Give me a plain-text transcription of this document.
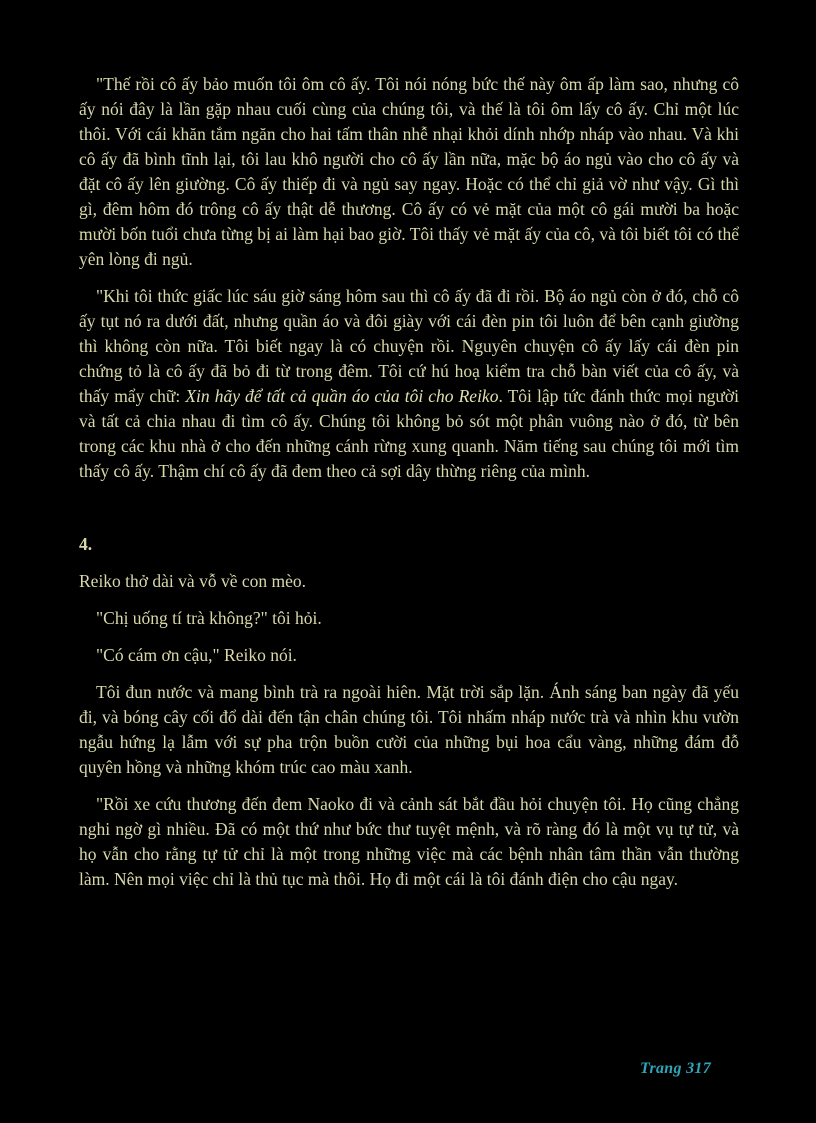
"Thế rồi cô ấy bảo muốn tôi ôm cô ấy. Tôi nói nóng bức thế này ôm ấp làm sao, nhưng cô ấy nói đây là lần gặp nhau cuối cùng của chúng tôi, và thế là tôi ôm lấy cô ấy. Chỉ một lúc thôi. Với cái khăn tắm ngăn cho hai tấm thân nhễ nhại khỏi dính nhớp nháp vào nhau. Và khi cô ấy đã bình tĩnh lại, tôi lau khô người cho cô ấy lần nữa, mặc bộ áo ngủ vào cho cô ấy và đặt cô ấy lên giường. Cô ấy thiếp đi và ngủ say ngay. Hoặc có thể chỉ giả vờ như vậy. Gì thì gì, đêm hôm đó trông cô ấy thật dễ thương. Cô ấy có vẻ mặt của một cô gái mười ba hoặc mười bốn tuổi chưa từng bị ai làm hại bao giờ. Tôi thấy vẻ mặt ấy của cô, và tôi biết tôi có thể yên lòng đi ngủ.

"Khi tôi thức giấc lúc sáu giờ sáng hôm sau thì cô ấy đã đi rồi. Bộ áo ngủ còn ở đó, chỗ cô ấy tụt nó ra dưới đất, nhưng quần áo và đôi giày với cái đèn pin tôi luôn để bên cạnh giường thì không còn nữa. Tôi biết ngay là có chuyện rồi. Nguyên chuyện cô ấy lấy cái đèn pin chứng tỏ là cô ấy đã bỏ đi từ trong đêm. Tôi cứ hú hoạ kiểm tra chỗ bàn viết của cô ấy, và thấy mẩy chữ: Xin hãy để tất cả quần áo của tôi cho Reiko. Tôi lập tức đánh thức mọi người và tất cả chia nhau đi tìm cô ấy. Chúng tôi không bỏ sót một phân vuông nào ở đó, từ bên trong các khu nhà ở cho đến những cánh rừng xung quanh. Năm tiếng sau chúng tôi mới tìm thấy cô ấy. Thậm chí cô ấy đã đem theo cả sợi dây thừng riêng của mình.

4.

Reiko thở dài và vỗ về con mèo.

"Chị uống tí trà không?" tôi hỏi.

"Có cám ơn cậu," Reiko nói.

Tôi đun nước và mang bình trà ra ngoài hiên. Mặt trời sắp lặn. Ánh sáng ban ngày đã yếu đi, và bóng cây cối đổ dài đến tận chân chúng tôi. Tôi nhấm nháp nước trà và nhìn khu vườn ngẫu hứng lạ lẫm với sự pha trộn buồn cười của những bụi hoa cẩu vàng, những đám đỗ quyên hồng và những khóm trúc cao màu xanh.

"Rồi xe cứu thương đến đem Naoko đi và cảnh sát bắt đầu hỏi chuyện tôi. Họ cũng chẳng nghi ngờ gì nhiều. Đã có một thứ như bức thư tuyệt mệnh, và rõ ràng đó là một vụ tự tử, và họ vẫn cho rằng tự tử chỉ là một trong những việc mà các bệnh nhân tâm thần vẫn thường làm. Nên mọi việc chỉ là thủ tục mà thôi. Họ đi một cái là tôi đánh điện cho cậu ngay.

Trang 317
